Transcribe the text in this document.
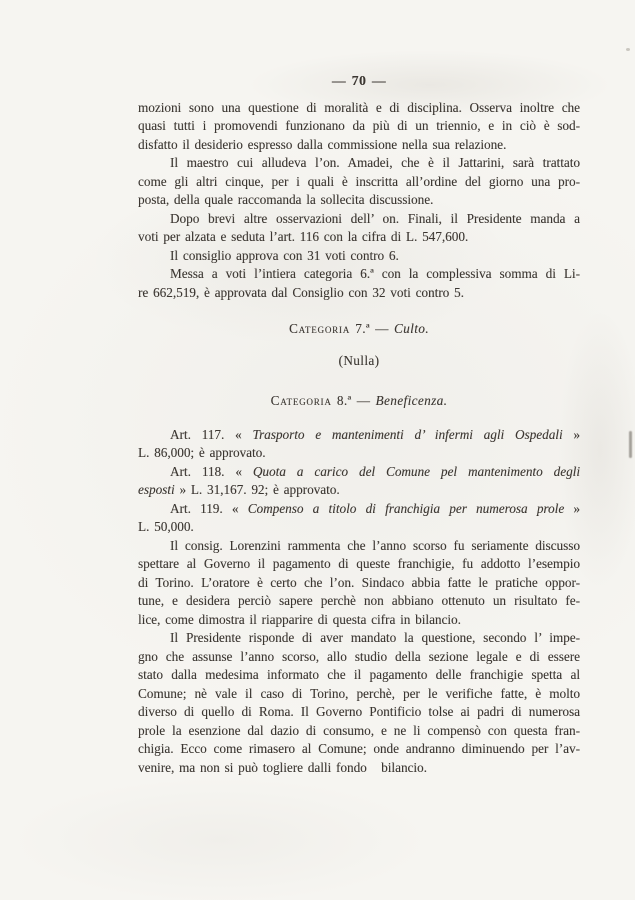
— 70 —
mozioni sono una questione di moralità e di disciplina. Osserva inoltre che
quasi tutti i promovendi funzionano da più di un triennio, e in ciò è sod-
disfatto il desiderio espresso dalla commissione nella sua relazione.
Il maestro cui alludeva l’on. Amadei, che è il Jattarini, sarà trattato
come gli altri cinque, per i quali è inscritta all’ordine del giorno una pro-
posta, della quale raccomanda la sollecita discussione.
Dopo brevi altre osservazioni dell’ on. Finali, il Presidente manda a
voti per alzata e seduta l’art. 116 con la cifra di L. 547,600.
Il consiglio approva con 31 voti contro 6.
Messa a voti l’intiera categoria 6.ª con la complessiva somma di Li-
re 662,519, è approvata dal Consiglio con 32 voti contro 5.
Categoria 7.ª — Culto.
(Nulla)
Categoria 8.ª — Beneficenza.
Art. 117. « Trasporto e mantenimenti d’ infermi agli Ospedali »
L. 86,000; è approvato.
Art. 118. « Quota a carico del Comune pel mantenimento degli
esposti » L. 31,167. 92; è approvato.
Art. 119. « Compenso a titolo di franchigia per numerosa prole »
L. 50,000.
Il consig. Lorenzini rammenta che l’anno scorso fu seriamente discusso
spettare al Governo il pagamento di queste franchigie, fu addotto l’esempio
di Torino. L’oratore è certo che l’on. Sindaco abbia fatte le pratiche oppor-
tune, e desidera perciò sapere perchè non abbiano ottenuto un risultato fe-
lice, come dimostra il riapparire di questa cifra in bilancio.
Il Presidente risponde di aver mandato la questione, secondo l’ impe-
gno che assunse l’anno scorso, allo studio della sezione legale e di essere
stato dalla medesima informato che il pagamento delle franchigie spetta al
Comune; nè vale il caso di Torino, perchè, per le verifiche fatte, è molto
diverso di quello di Roma. Il Governo Pontificio tolse ai padri di numerosa
prole la esenzione dal dazio di consumo, e ne li compensò con questa fran-
chigia. Ecco come rimasero al Comune; onde andranno diminuendo per l’av-
venire, ma non si può togliere dalli fondo   bilancio.
